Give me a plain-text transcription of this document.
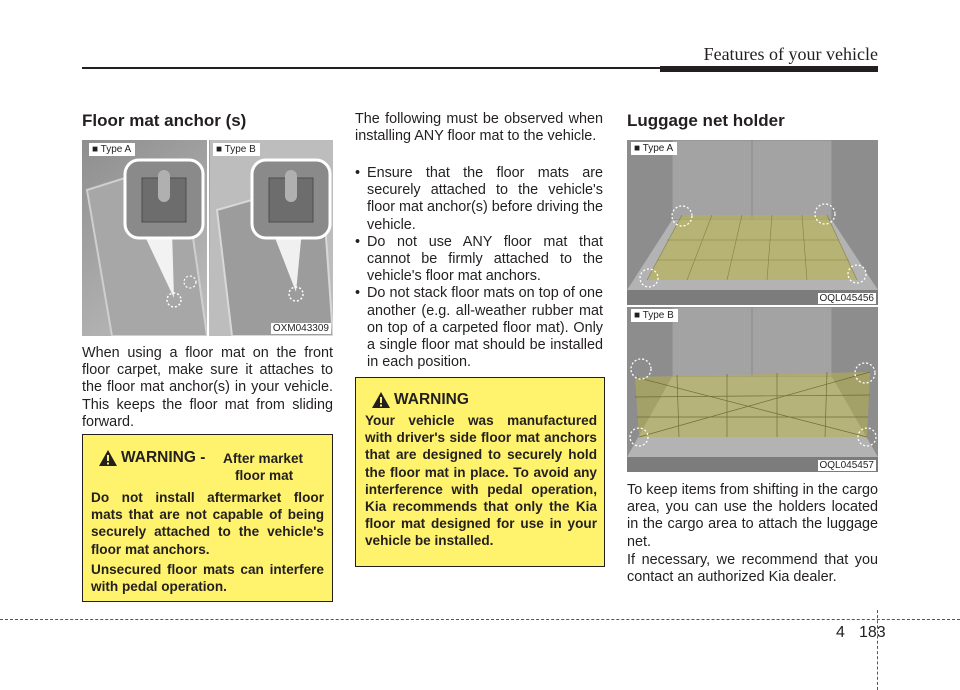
Features of your vehicle
Floor mat anchor (s)
■ Type A	■ Type B
OXM043309

When using a floor mat on the front floor carpet, make sure it attaches to the floor mat anchor(s) in your vehicle. This keeps the floor mat from sliding forward.

WARNING - After market
floor mat

Do not install aftermarket floor mats that are not capable of being securely attached to the vehicle's floor mat anchors.

Unsecured floor mats can interfere with pedal operation.

The following must be observed when installing ANY floor mat to the vehicle.

• Ensure that the floor mats are securely attached to the vehicle's floor mat anchor(s) before driving the vehicle.
• Do not use ANY floor mat that cannot be firmly attached to the vehicle's floor mat anchors.
• Do not stack floor mats on top of one another (e.g. all-weather rubber mat on top of a carpeted floor mat). Only a single floor mat should be installed in each position.
WARNING

Your vehicle was manufactured with driver's side floor mat anchors that are designed to securely hold the floor mat in place. To avoid any interference with pedal operation, Kia recommends that only the Kia floor mat designed for use in your vehicle be installed.

Luggage net holder
■ Type A
OQL045456
■ Type B
OQL045457

To keep items from shifting in the cargo area, you can use the holders located in the cargo area to attach the luggage net.

If necessary, we recommend that you contact an authorized Kia dealer.

4 183
